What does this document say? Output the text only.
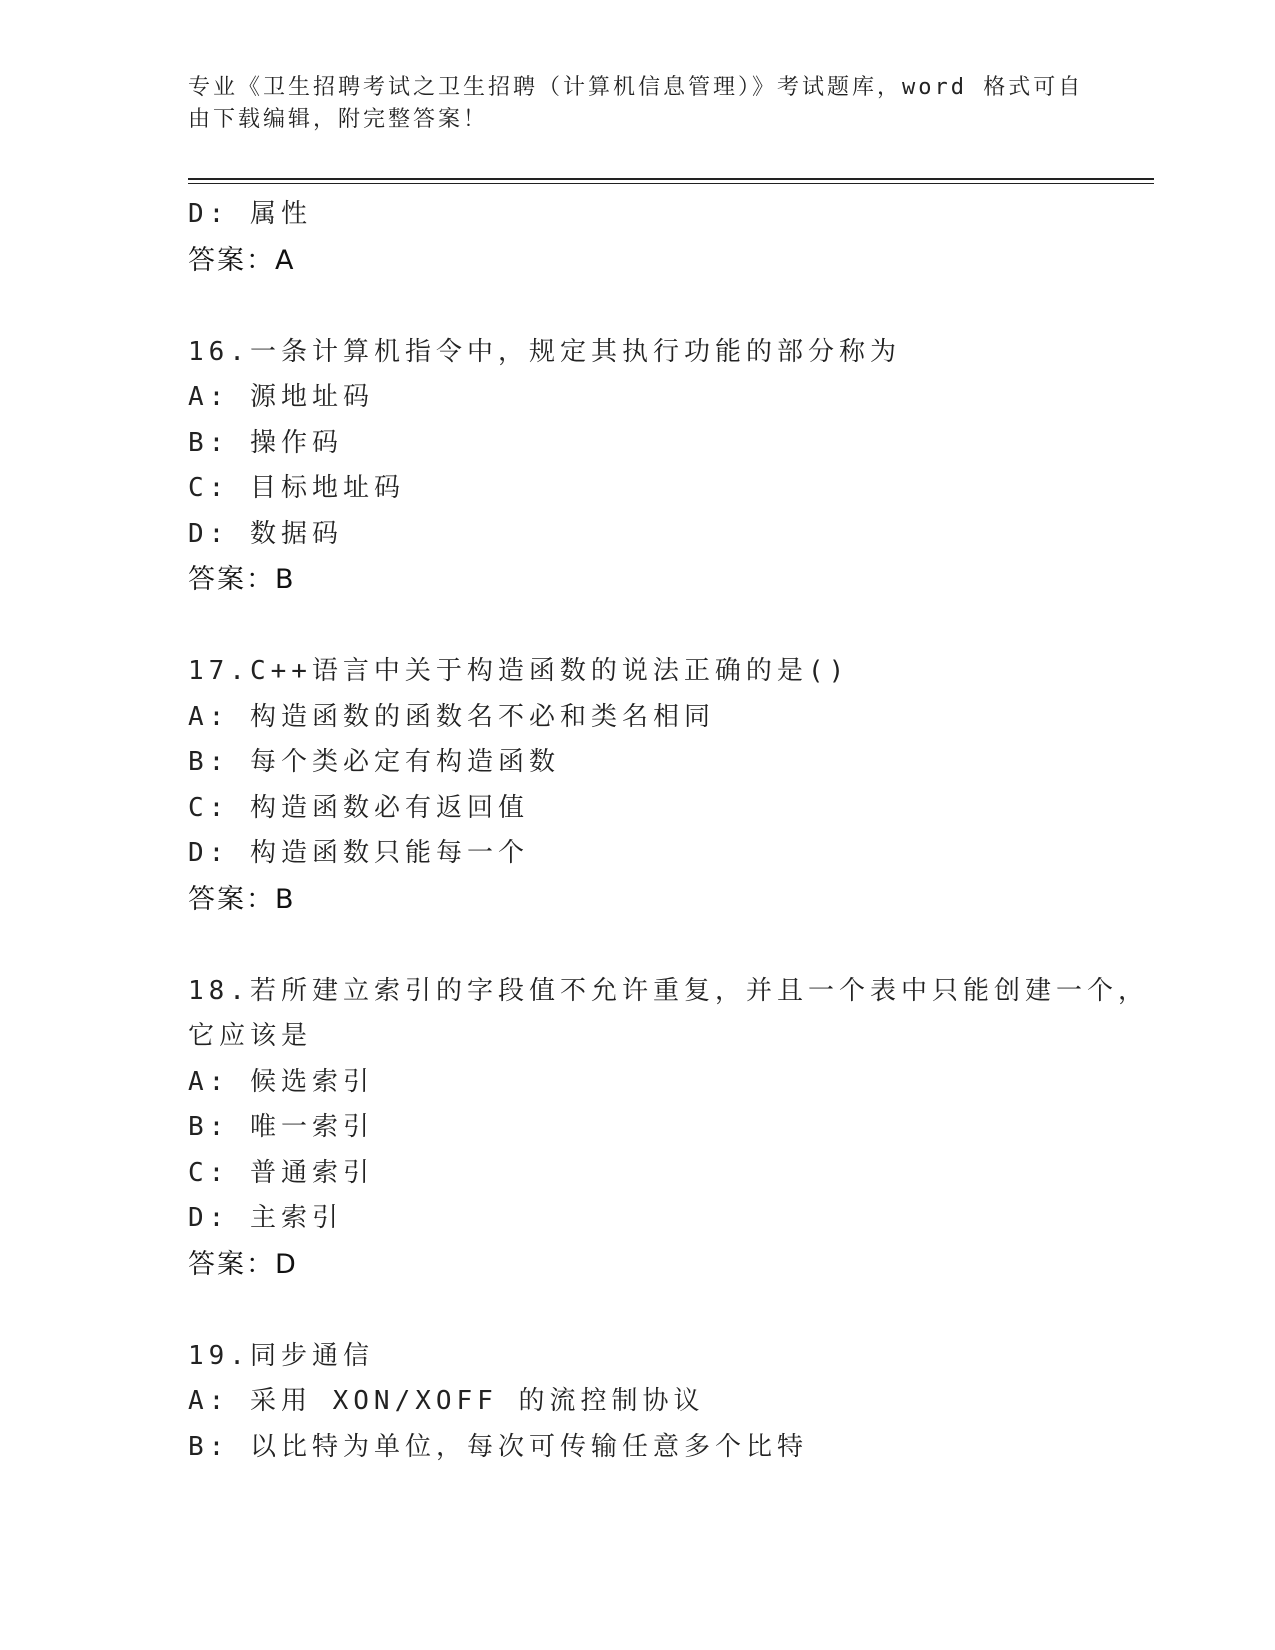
专业《卫生招聘考试之卫生招聘（计算机信息管理）》考试题库，word 格式可自
由下载编辑，附完整答案！
D: 属性
答案：A
16.一条计算机指令中，规定其执行功能的部分称为
A: 源地址码
B: 操作码
C: 目标地址码
D: 数据码
答案：B
17.C++语言中关于构造函数的说法正确的是()
A: 构造函数的函数名不必和类名相同
B: 每个类必定有构造函数
C: 构造函数必有返回值
D: 构造函数只能每一个
答案：B
18.若所建立索引的字段值不允许重复，并且一个表中只能创建一个，
它应该是
A: 候选索引
B: 唯一索引
C: 普通索引
D: 主索引
答案：D
19.同步通信
A: 采用 XON/XOFF 的流控制协议
B: 以比特为单位，每次可传输任意多个比特
